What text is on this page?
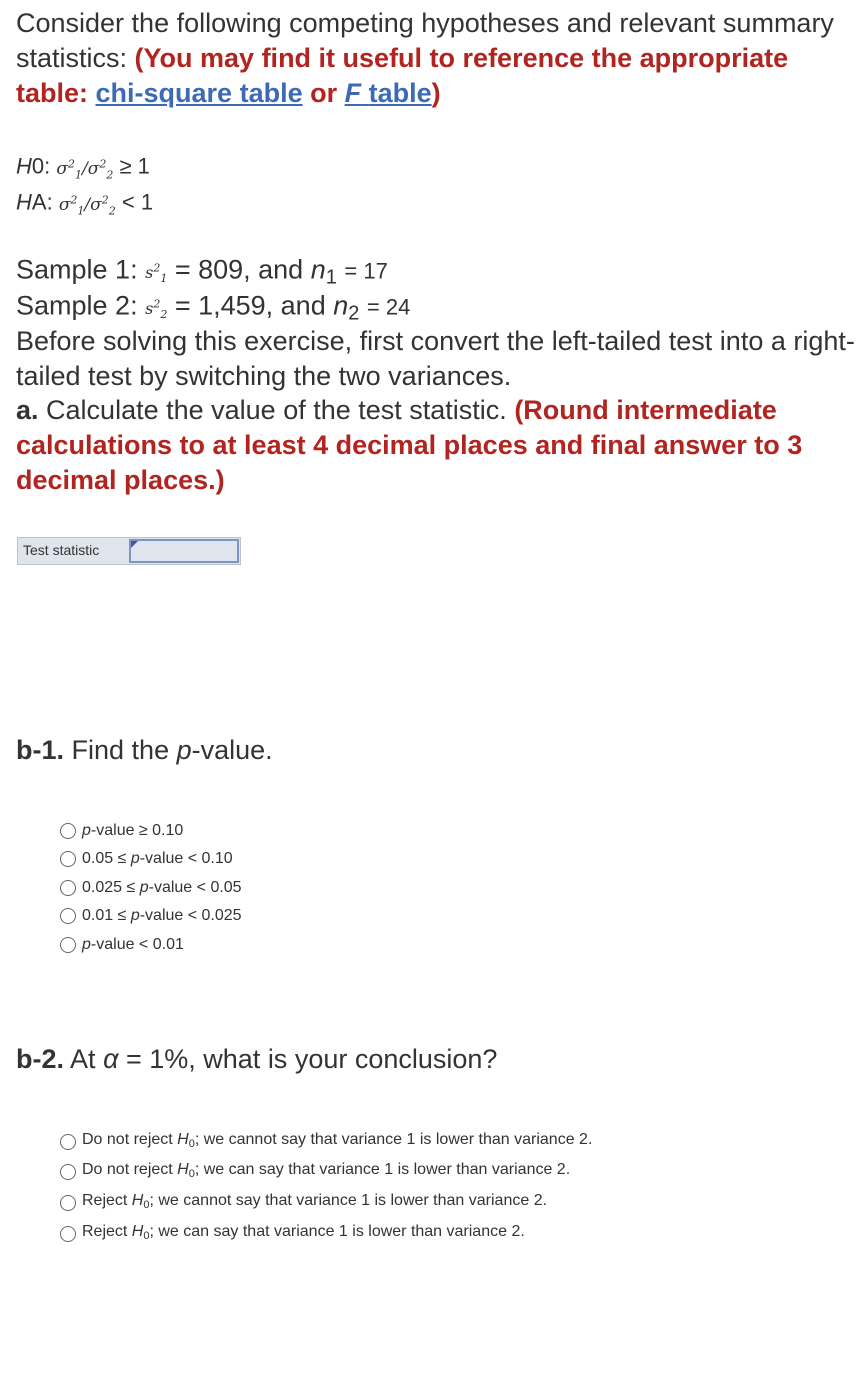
Consider the following competing hypotheses and relevant summary statistics: (You may find it useful to reference the appropriate table: chi-square table or F table)
H0: $\sigma^2_1/\sigma^2_2 \ge 1$
HA: $\sigma^2_1/\sigma^2_2 < 1$
Sample 1: $s^2_1 = 809$, and n1 = 17
Sample 2: $s^2_2 = 1,459$, and n2 = 24
Before solving this exercise, first convert the left-tailed test into a right-tailed test by switching the two variances.
a. Calculate the value of the test statistic. (Round intermediate calculations to at least 4 decimal places and final answer to 3 decimal places.)
Test statistic
b-1. Find the p-value.
p-value ≥ 0.10
0.05 ≤ p-value < 0.10
0.025 ≤ p-value < 0.05
0.01 ≤ p-value < 0.025
p-value < 0.01
b-2. At α = 1%, what is your conclusion?
Do not reject H0; we cannot say that variance 1 is lower than variance 2.
Do not reject H0; we can say that variance 1 is lower than variance 2.
Reject H0; we cannot say that variance 1 is lower than variance 2.
Reject H0; we can say that variance 1 is lower than variance 2.
